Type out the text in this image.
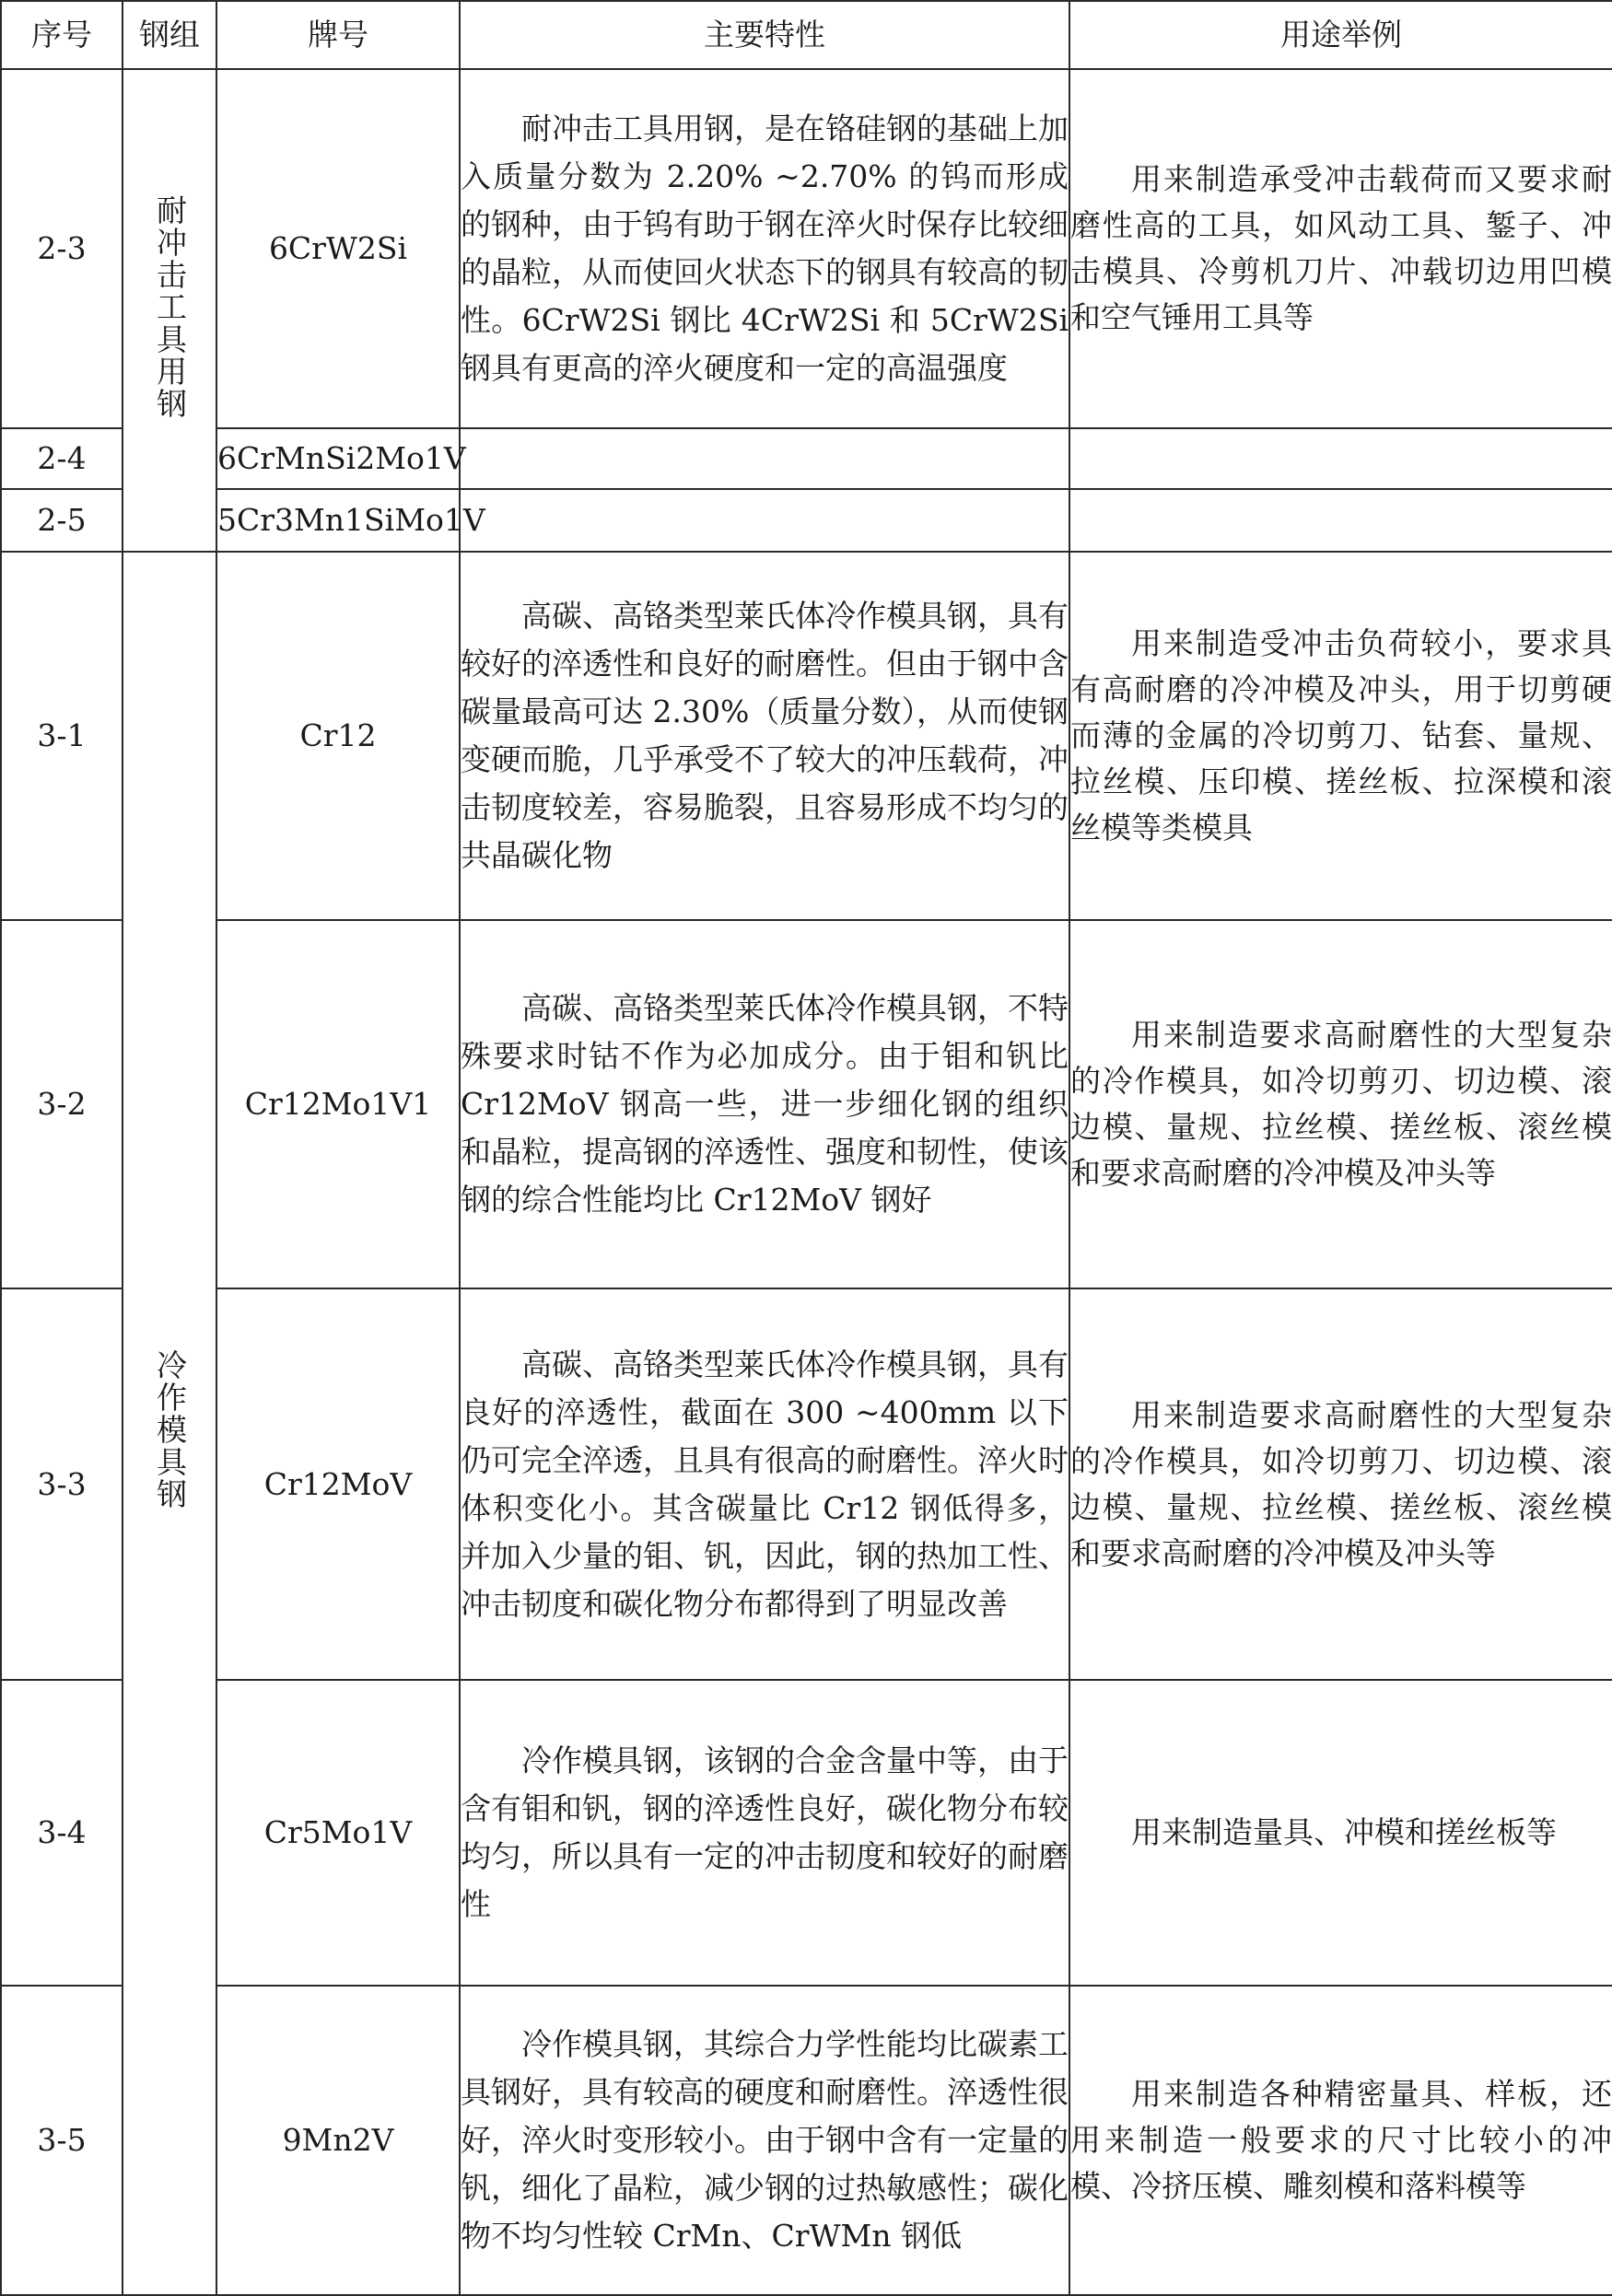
序号	钢组	牌号	主要特性	用途举例
2-3	耐冲击工具用钢	6CrW2Si	耐冲击工具用钢，是在铬硅钢的基础上加入质量分数为 2.20% ~2.70% 的钨而形成的钢种，由于钨有助于钢在淬火时保存比较细的晶粒，从而使回火状态下的钢具有较高的韧性。6CrW2Si 钢比 4CrW2Si 和 5CrW2Si 钢具有更高的淬火硬度和一定的高温强度	用来制造承受冲击载荷而又要求耐磨性高的工具，如风动工具、錾子、冲击模具、冷剪机刀片、冲载切边用凹模和空气锤用工具等

2-4		6CrMnSi2Mo1V		
2-5		5Cr3Mn1SiMo1V		
3-1	冷作模具钢	Cr12	高碳、高铬类型莱氏体冷作模具钢，具有较好的淬透性和良好的耐磨性。但由于钢中含碳量最高可达 2.30%（质量分数），从而使钢变硬而脆，几乎承受不了较大的冲压载荷，冲击韧度较差，容易脆裂，且容易形成不均匀的共晶碳化物	用来制造受冲击负荷较小，要求具有高耐磨的冷冲模及冲头，用于切剪硬而薄的金属的冷切剪刀、钻套、量规、拉丝模、压印模、搓丝板、拉深模和滚丝模等类模具

3-2		Cr12Mo1V1	高碳、高铬类型莱氏体冷作模具钢，不特殊要求时钴不作为必加成分。由于钼和钒比 Cr12MoV 钢高一些，进一步细化钢的组织和晶粒，提高钢的淬透性、强度和韧性，使该钢的综合性能均比 Cr12MoV 钢好	用来制造要求高耐磨性的大型复杂的冷作模具，如冷切剪刃、切边模、滚边模、量规、拉丝模、搓丝板、滚丝模和要求高耐磨的冷冲模及冲头等

3-3		Cr12MoV	高碳、高铬类型莱氏体冷作模具钢，具有良好的淬透性，截面在 300 ~400mm 以下仍可完全淬透，且具有很高的耐磨性。淬火时体积变化小。其含碳量比 Cr12 钢低得多，并加入少量的钼、钒，因此，钢的热加工性、冲击韧度和碳化物分布都得到了明显改善	用来制造要求高耐磨性的大型复杂的冷作模具，如冷切剪刀、切边模、滚边模、量规、拉丝模、搓丝板、滚丝模和要求高耐磨的冷冲模及冲头等

3-4		Cr5Mo1V	冷作模具钢，该钢的合金含量中等，由于含有钼和钒，钢的淬透性良好，碳化物分布较均匀，所以具有一定的冲击韧度和较好的耐磨性	用来制造量具、冲模和搓丝板等

3-5		9Mn2V	冷作模具钢，其综合力学性能均比碳素工具钢好，具有较高的硬度和耐磨性。淬透性很好，淬火时变形较小。由于钢中含有一定量的钒，细化了晶粒，减少钢的过热敏感性；碳化物不均匀性较 CrMn、CrWMn 钢低	用来制造各种精密量具、样板，还用来制造一般要求的尺寸比较小的冲模、冷挤压模、雕刻模和落料模等
